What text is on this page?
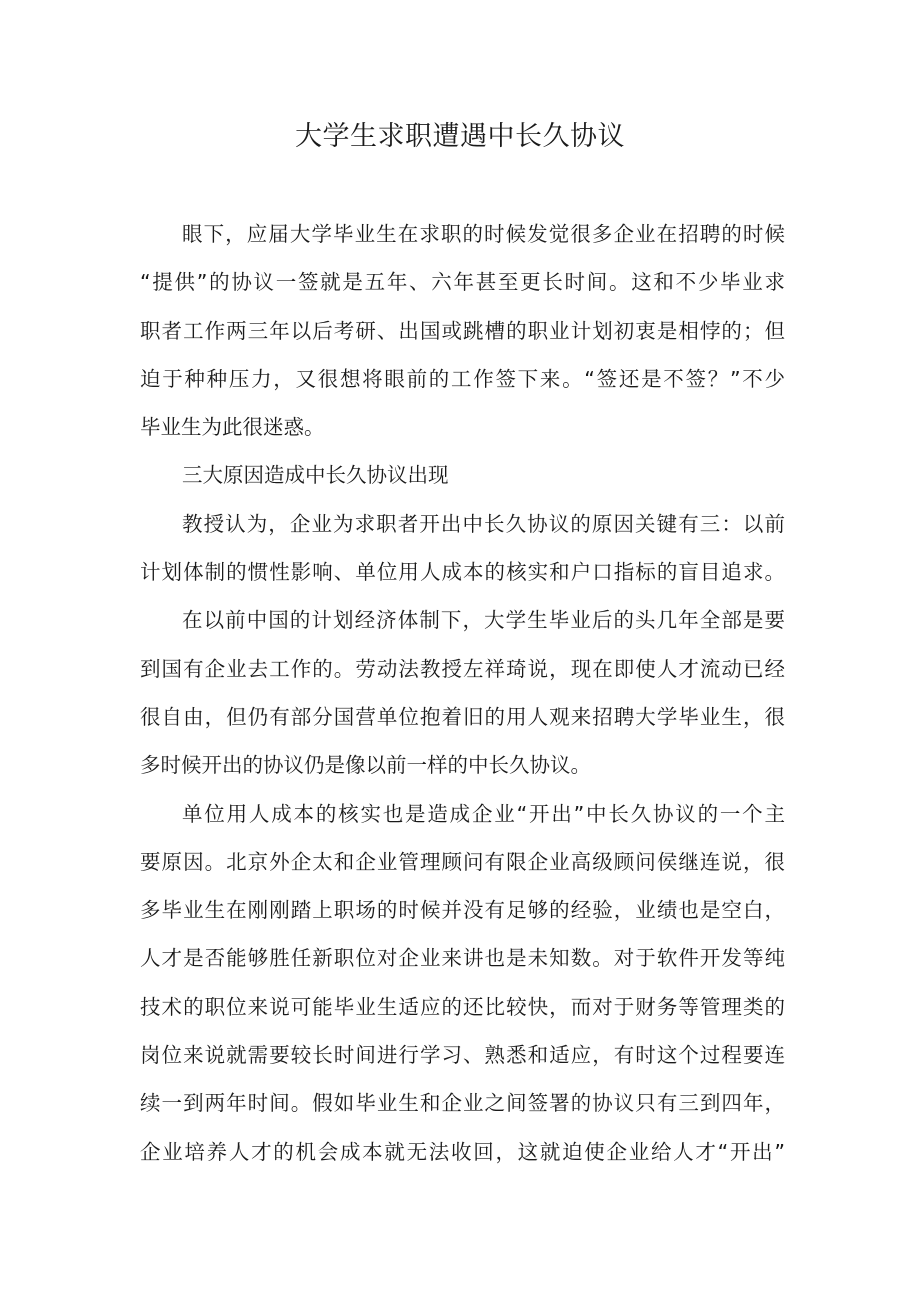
大学生求职遭遇中长久协议

眼下，应届大学毕业生在求职的时候发觉很多企业在招聘的时候

“提供”的协议一签就是五年、六年甚至更长时间。这和不少毕业求

职者工作两三年以后考研、出国或跳槽的职业计划初衷是相悖的；但

迫于种种压力，又很想将眼前的工作签下来。“签还是不签？”不少

毕业生为此很迷惑。

三大原因造成中长久协议出现

教授认为，企业为求职者开出中长久协议的原因关键有三：以前

计划体制的惯性影响、单位用人成本的核实和户口指标的盲目追求。

在以前中国的计划经济体制下，大学生毕业后的头几年全部是要

到国有企业去工作的。劳动法教授左祥琦说，现在即使人才流动已经

很自由，但仍有部分国营单位抱着旧的用人观来招聘大学毕业生，很

多时候开出的协议仍是像以前一样的中长久协议。

单位用人成本的核实也是造成企业“开出”中长久协议的一个主

要原因。北京外企太和企业管理顾问有限企业高级顾问侯继连说，很

多毕业生在刚刚踏上职场的时候并没有足够的经验，业绩也是空白，

人才是否能够胜任新职位对企业来讲也是未知数。对于软件开发等纯

技术的职位来说可能毕业生适应的还比较快，而对于财务等管理类的

岗位来说就需要较长时间进行学习、熟悉和适应，有时这个过程要连

续一到两年时间。假如毕业生和企业之间签署的协议只有三到四年，

企业培养人才的机会成本就无法收回，这就迫使企业给人才“开出”
